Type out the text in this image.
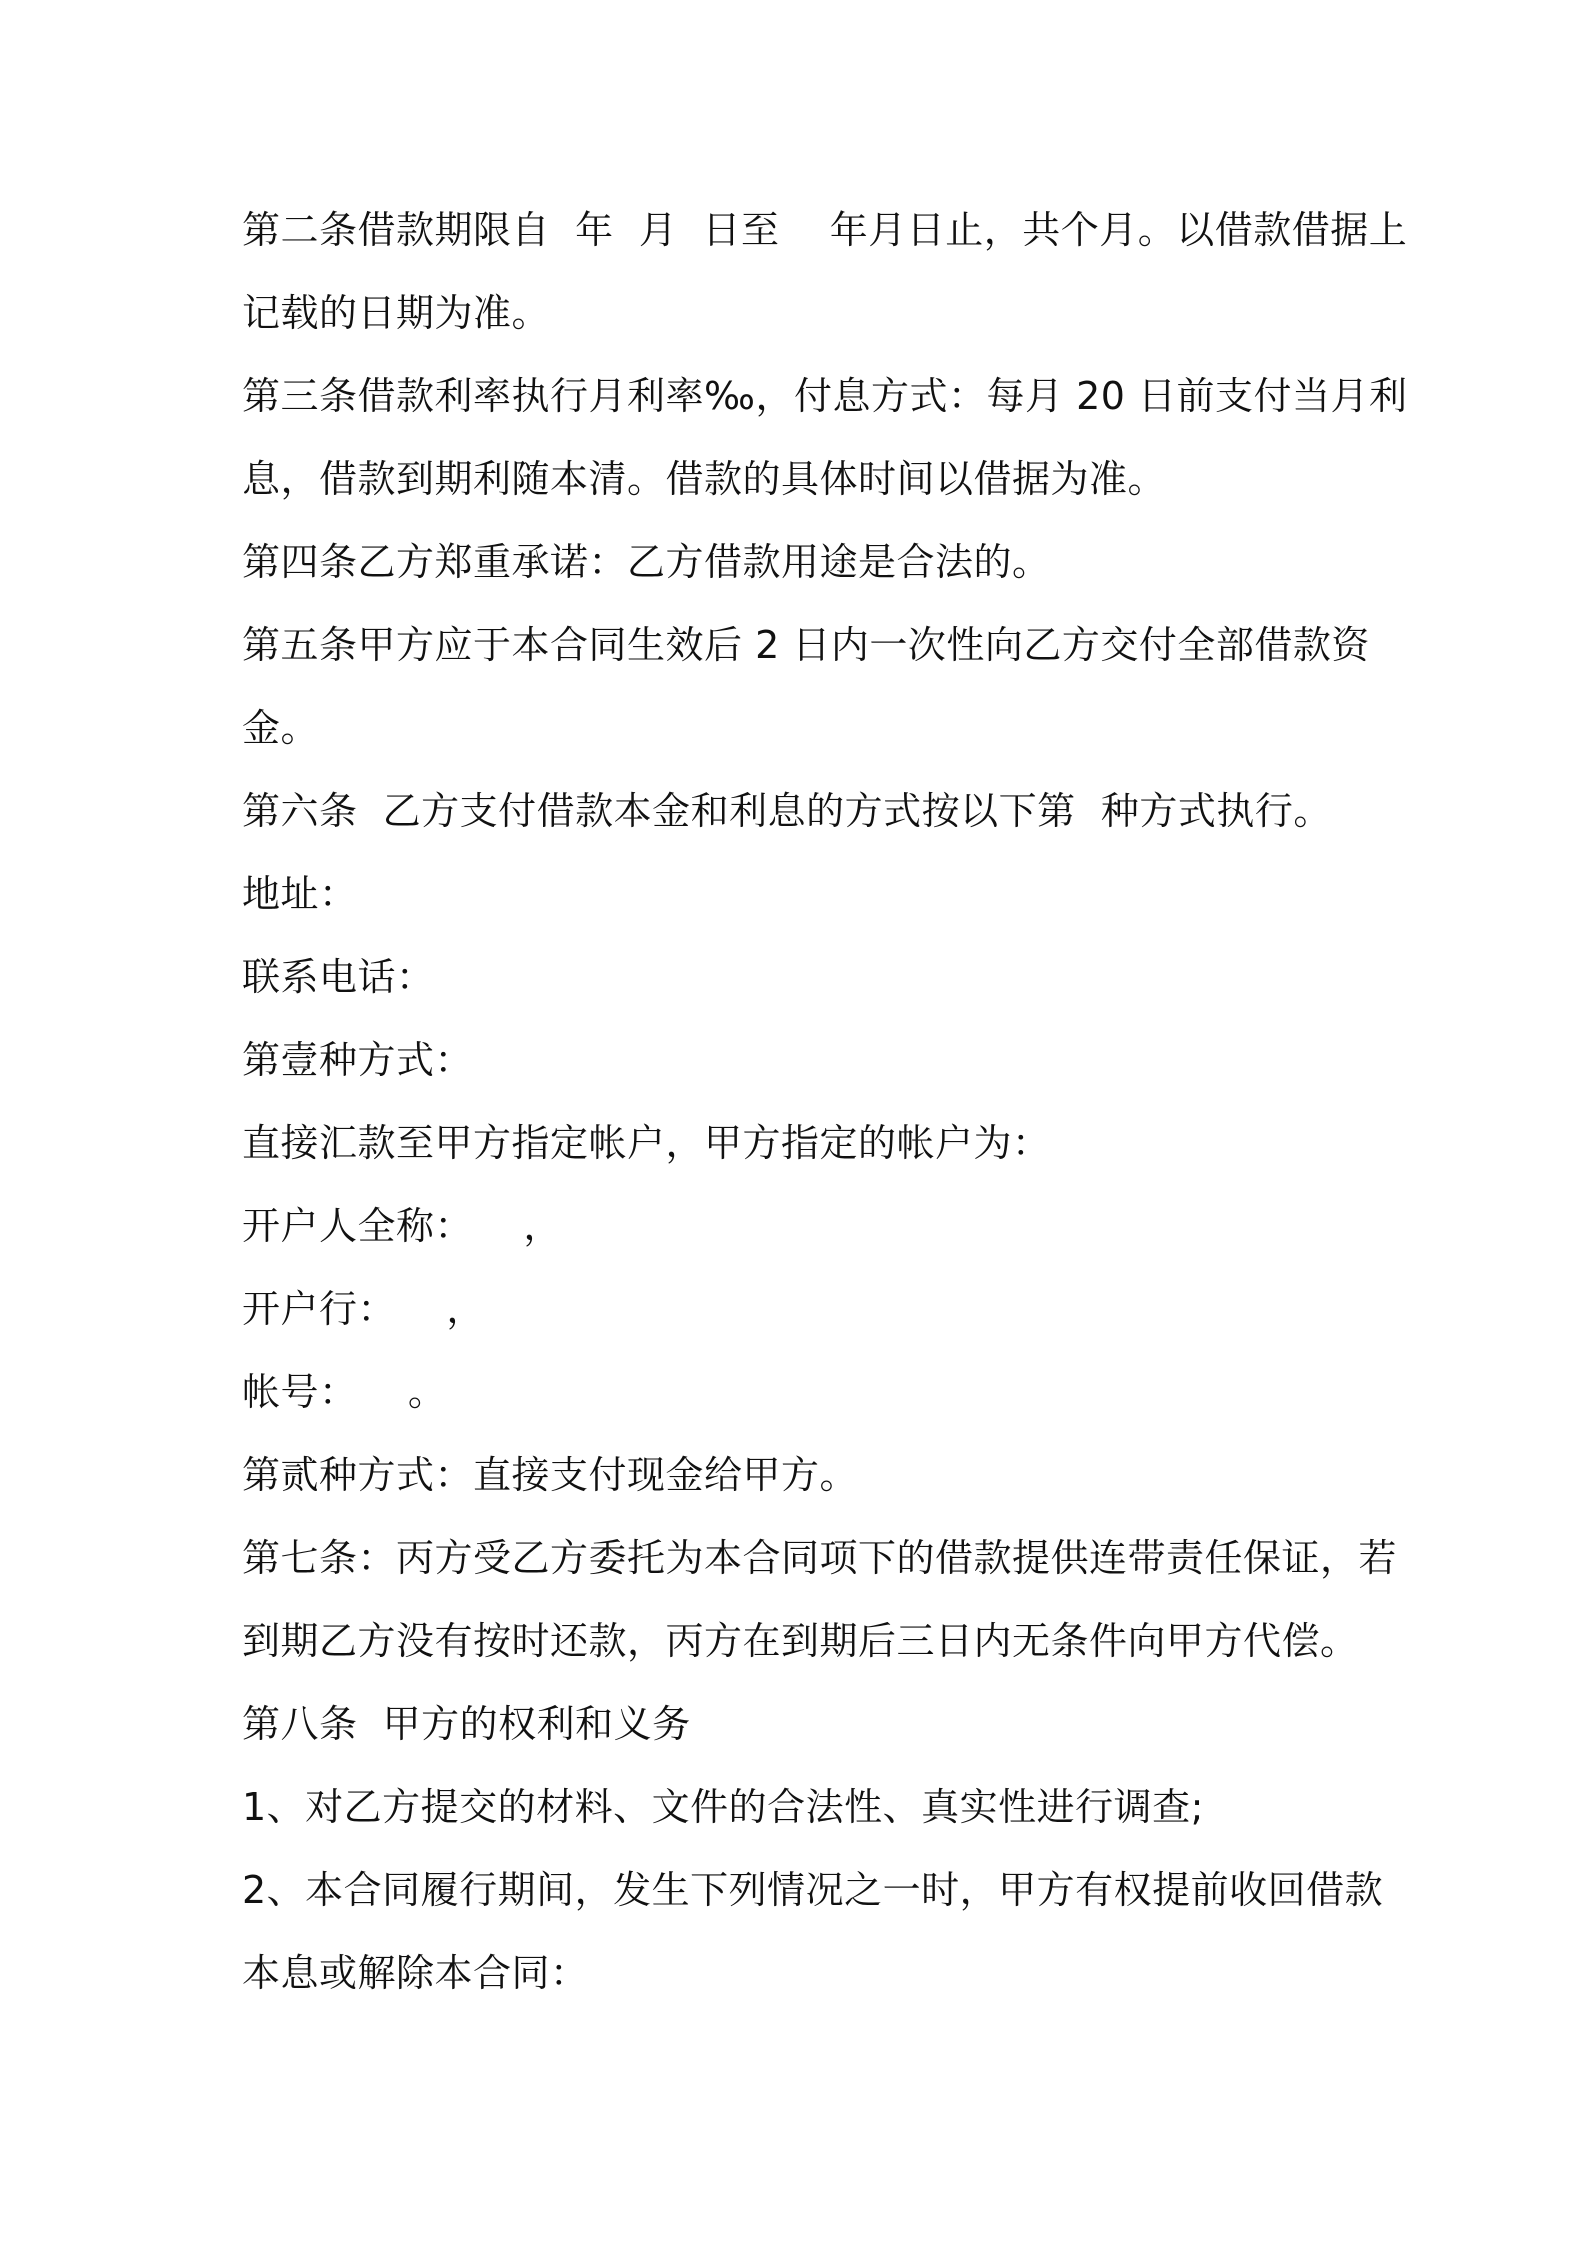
第二条借款期限自  年  月  日至    年月日止，共个月。以借款借据上
记载的日期为准。
第三条借款利率执行月利率‰，付息方式：每月 20 日前支付当月利
息，借款到期利随本清。借款的具体时间以借据为准。
第四条乙方郑重承诺：乙方借款用途是合法的。
第五条甲方应于本合同生效后 2 日内一次性向乙方交付全部借款资
金。
第六条  乙方支付借款本金和利息的方式按以下第  种方式执行。
地址：
联系电话：
第壹种方式：
直接汇款至甲方指定帐户，甲方指定的帐户为：
开户人全称：    ，
开户行：    ，
帐号：    。
第贰种方式：直接支付现金给甲方。
第七条：丙方受乙方委托为本合同项下的借款提供连带责任保证，若
到期乙方没有按时还款，丙方在到期后三日内无条件向甲方代偿。
第八条  甲方的权利和义务
1、对乙方提交的材料、文件的合法性、真实性进行调查;
2、本合同履行期间，发生下列情况之一时，甲方有权提前收回借款
本息或解除本合同：
